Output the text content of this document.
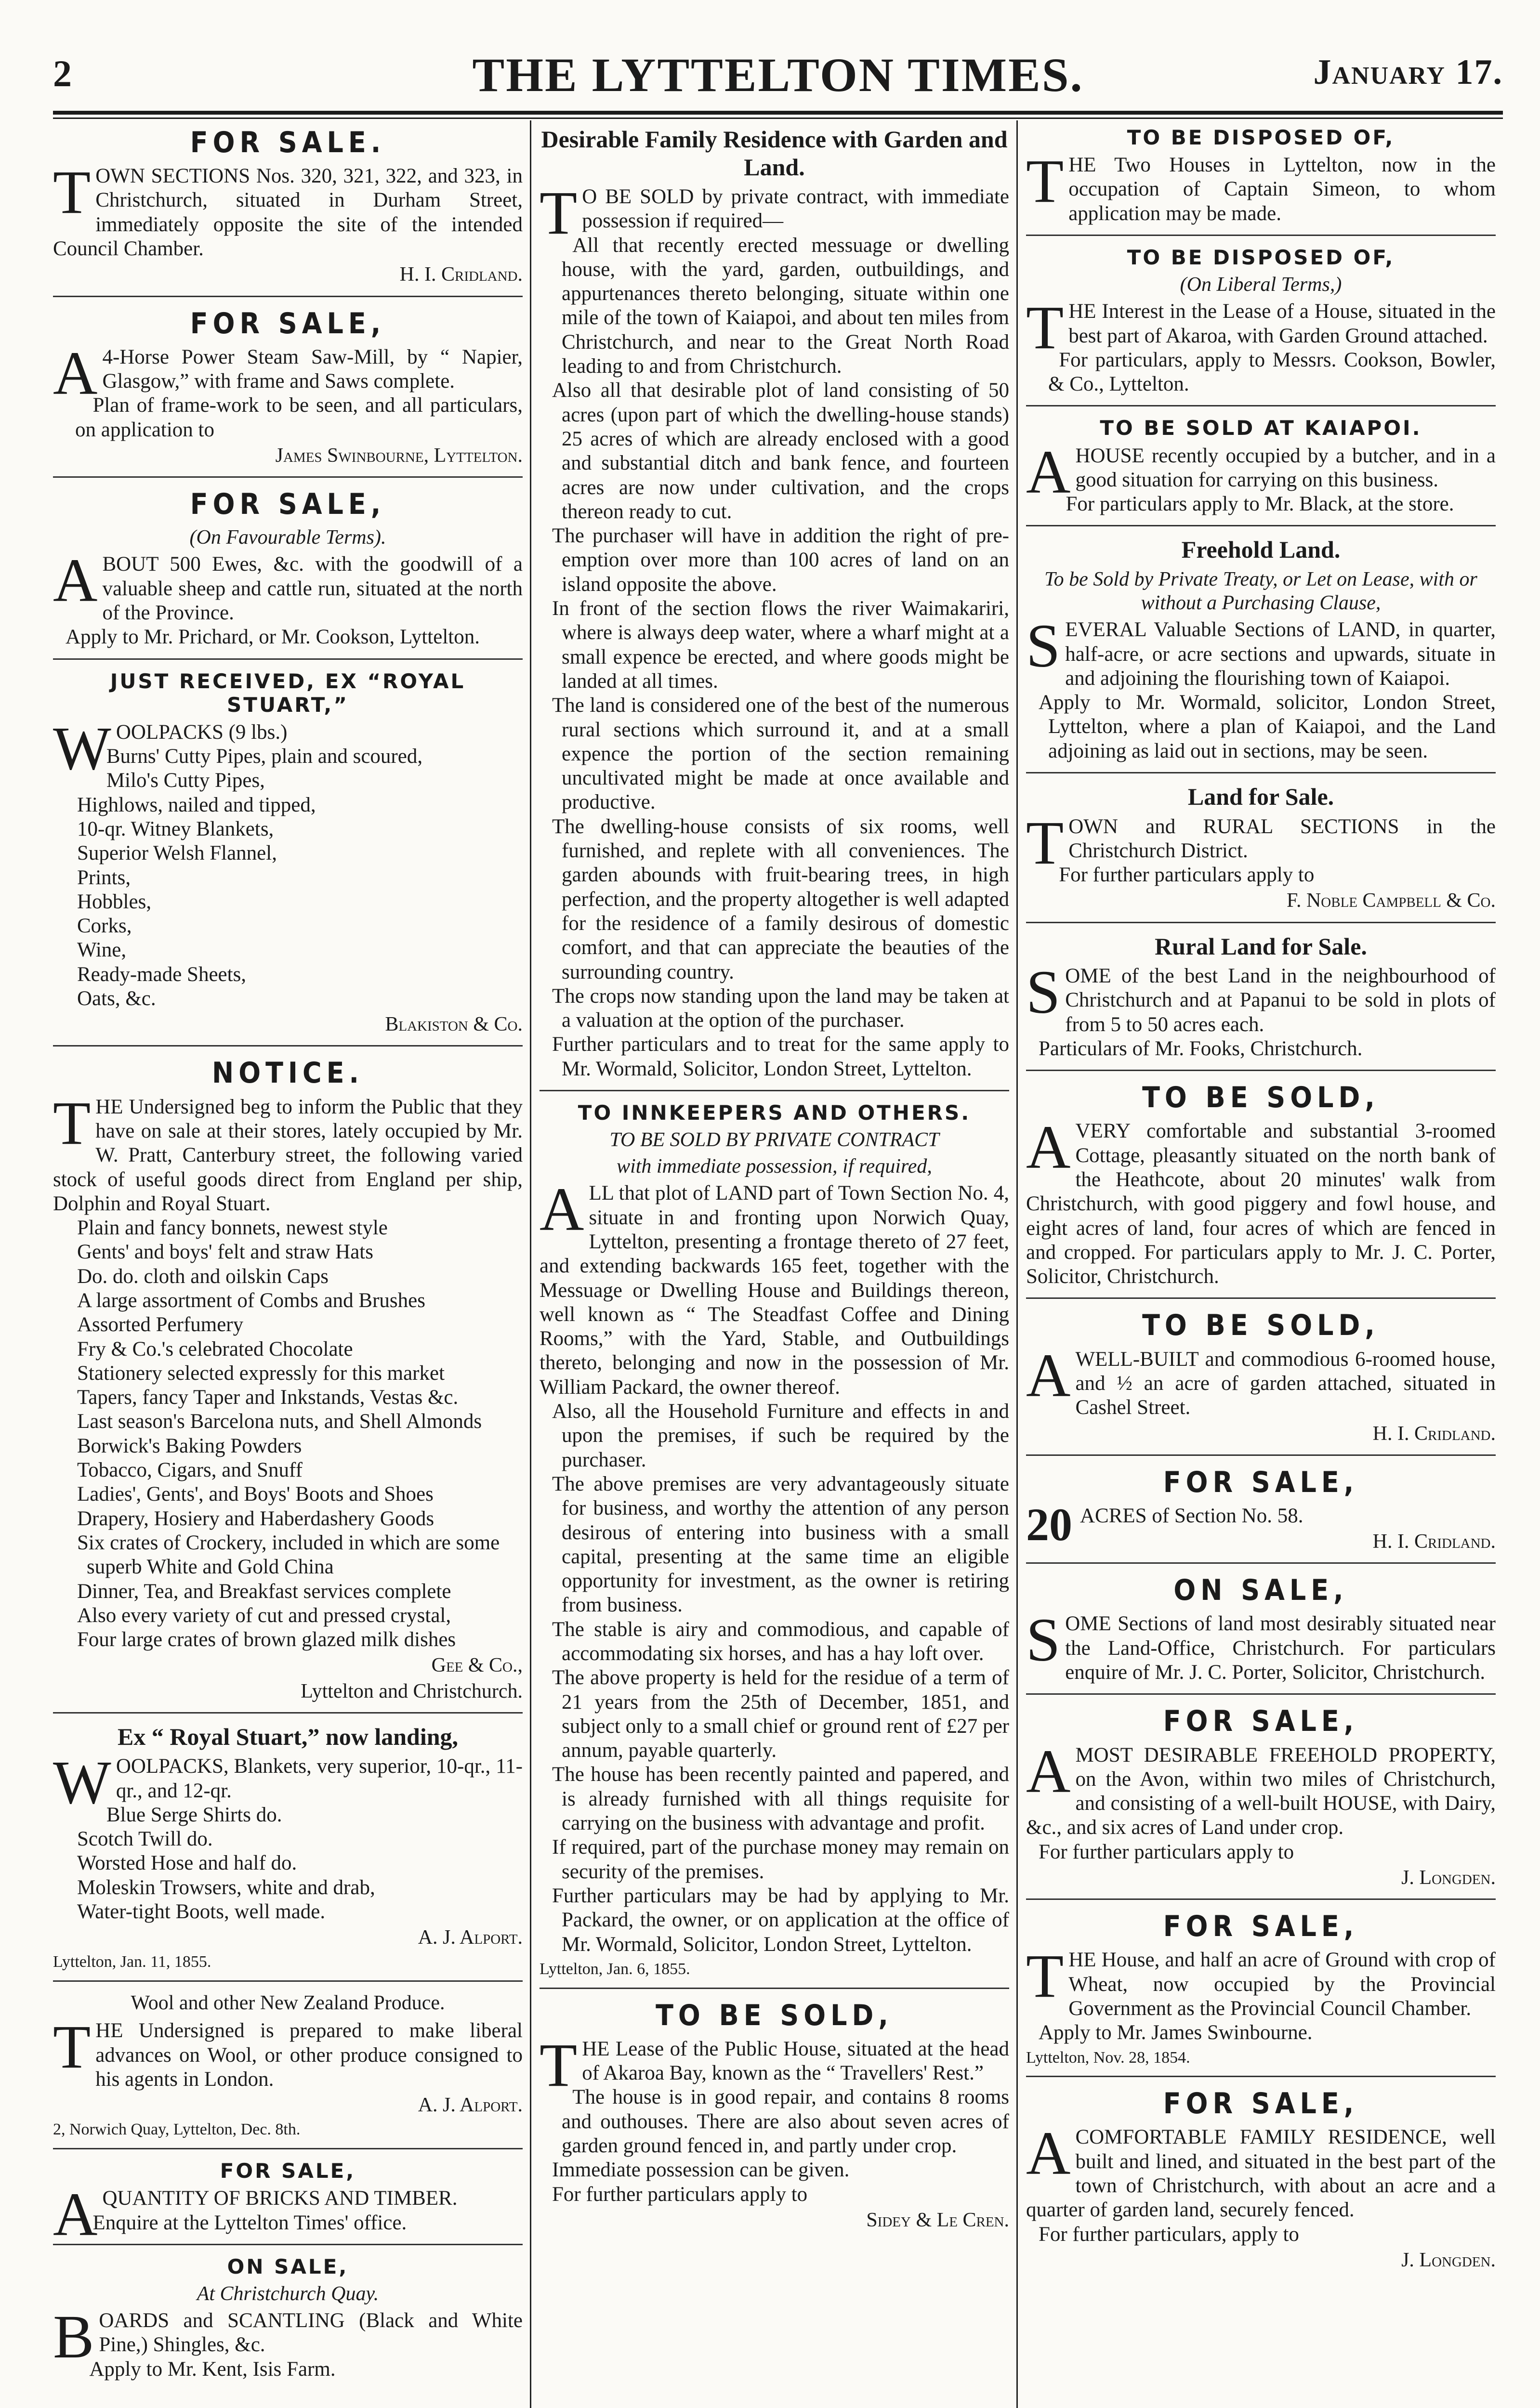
2	THE LYTTELTON TIMES.	January 17.
FOR SALE.

TOWN SECTIONS Nos. 320, 321, 322, and 323, in Christchurch, situated in Durham Street, immediately opposite the site of the intended Council Chamber.

H. I. Cridland.
FOR SALE,

A4-Horse Power Steam Saw-Mill, by “ Napier, Glasgow,” with frame and Saws complete.

Plan of frame-work to be seen, and all particulars, on application to

James Swinbourne, Lyttelton.
FOR SALE,
(On Favourable Terms).

ABOUT 500 Ewes, &c. with the goodwill of a valuable sheep and cattle run, situated at the north of the Province.

Apply to Mr. Prichard, or Mr. Cookson, Lyttelton.

JUST RECEIVED, EX “ROYAL STUART,”

WOOLPACKS (9 lbs.)

Burns' Cutty Pipes, plain and scoured,
Milo's Cutty Pipes,
Highlows, nailed and tipped,
10-qr. Witney Blankets,
Superior Welsh Flannel,
Prints,
Hobbles,
Corks,
Wine,
Ready-made Sheets,
Oats, &c.
Blakiston & Co.
NOTICE.

THE Undersigned beg to inform the Public that they have on sale at their stores, lately occupied by Mr. W. Pratt, Canterbury street, the following varied stock of useful goods direct from England per ship, Dolphin and Royal Stuart.

Plain and fancy bonnets, newest style
Gents' and boys' felt and straw Hats
Do. do. cloth and oilskin Caps
A large assortment of Combs and Brushes
Assorted Perfumery
Fry & Co.'s celebrated Chocolate
Stationery selected expressly for this market
Tapers, fancy Taper and Inkstands, Vestas &c.
Last season's Barcelona nuts, and Shell Almonds
Borwick's Baking Powders
Tobacco, Cigars, and Snuff
Ladies', Gents', and Boys' Boots and Shoes
Drapery, Hosiery and Haberdashery Goods
Six crates of Crockery, included in which are some superb White and Gold China
Dinner, Tea, and Breakfast services complete
Also every variety of cut and pressed crystal,
Four large crates of brown glazed milk dishes
Gee & Co.,
Lyttelton and Christchurch.
Ex “ Royal Stuart,” now landing,

WOOLPACKS, Blankets, very superior, 10-qr., 11-qr., and 12-qr.

Blue Serge Shirts do.
Scotch Twill do.
Worsted Hose and half do.
Moleskin Trowsers, white and drab,
Water-tight Boots, well made.
A. J. Alport.
Lyttelton, Jan. 11, 1855.
Wool and other New Zealand Produce.

THE Undersigned is prepared to make liberal advances on Wool, or other produce consigned to his agents in London.

A. J. Alport.
2, Norwich Quay, Lyttelton, Dec. 8th.
FOR SALE,

AQUANTITY OF BRICKS AND TIMBER.

Enquire at the Lyttelton Times' office.

ON SALE,
At Christchurch Quay.

BOARDS and SCANTLING (Black and White Pine,) Shingles, &c.

Apply to Mr. Kent, Isis Farm.

Desirable Family Residence with Garden and Land.

TO BE SOLD by private contract, with immediate possession if required—

All that recently erected messuage or dwelling house, with the yard, garden, outbuildings, and appurtenances thereto belonging, situate within one mile of the town of Kaiapoi, and about ten miles from Christchurch, and near to the Great North Road leading to and from Christchurch.

Also all that desirable plot of land consisting of 50 acres (upon part of which the dwelling-house stands) 25 acres of which are already enclosed with a good and substantial ditch and bank fence, and fourteen acres are now under cultivation, and the crops thereon ready to cut.

The purchaser will have in addition the right of pre-emption over more than 100 acres of land on an island opposite the above.

In front of the section flows the river Waimakariri, where is always deep water, where a wharf might at a small expence be erected, and where goods might be landed at all times.

The land is considered one of the best of the numerous rural sections which surround it, and at a small expence the portion of the section remaining uncultivated might be made at once available and productive.

The dwelling-house consists of six rooms, well furnished, and replete with all conveniences. The garden abounds with fruit-bearing trees, in high perfection, and the property altogether is well adapted for the residence of a family desirous of domestic comfort, and that can appreciate the beauties of the surrounding country.

The crops now standing upon the land may be taken at a valuation at the option of the purchaser.

Further particulars and to treat for the same apply to Mr. Wormald, Solicitor, London Street, Lyttelton.

TO INNKEEPERS AND OTHERS.
TO BE SOLD BY PRIVATE CONTRACT
with immediate possession, if required,

ALL that plot of LAND part of Town Section No. 4, situate in and fronting upon Norwich Quay, Lyttelton, presenting a frontage thereto of 27 feet, and extending backwards 165 feet, together with the Messuage or Dwelling House and Buildings thereon, well known as “ The Steadfast Coffee and Dining Rooms,” with the Yard, Stable, and Outbuildings thereto, belonging and now in the possession of Mr. William Packard, the owner thereof.

Also, all the Household Furniture and effects in and upon the premises, if such be required by the purchaser.

The above premises are very advantageously situate for business, and worthy the attention of any person desirous of entering into business with a small capital, presenting at the same time an eligible opportunity for investment, as the owner is retiring from business.

The stable is airy and commodious, and capable of accommodating six horses, and has a hay loft over.

The above property is held for the residue of a term of 21 years from the 25th of December, 1851, and subject only to a small chief or ground rent of £27 per annum, payable quarterly.

The house has been recently painted and papered, and is already furnished with all things requisite for carrying on the business with advantage and profit.

If required, part of the purchase money may remain on security of the premises.

Further particulars may be had by applying to Mr. Packard, the owner, or on application at the office of Mr. Wormald, Solicitor, London Street, Lyttelton.

Lyttelton, Jan. 6, 1855.
TO BE SOLD,

THE Lease of the Public House, situated at the head of Akaroa Bay, known as the “ Travellers' Rest.”

The house is in good repair, and contains 8 rooms and outhouses. There are also about seven acres of garden ground fenced in, and partly under crop.

Immediate possession can be given.

For further particulars apply to

Sidey & Le Cren.
TO BE DISPOSED OF,

THE Two Houses in Lyttelton, now in the occupation of Captain Simeon, to whom application may be made.

TO BE DISPOSED OF,
(On Liberal Terms,)

THE Interest in the Lease of a House, situated in the best part of Akaroa, with Garden Ground attached.

For particulars, apply to Messrs. Cookson, Bowler, & Co., Lyttelton.

TO BE SOLD AT KAIAPOI.

AHOUSE recently occupied by a butcher, and in a good situation for carrying on this business.

For particulars apply to Mr. Black, at the store.

Freehold Land.
To be Sold by Private Treaty, or Let on Lease, with or without a Purchasing Clause,

SEVERAL Valuable Sections of LAND, in quarter, half-acre, or acre sections and upwards, situate in and adjoining the flourishing town of Kaiapoi.

Apply to Mr. Wormald, solicitor, London Street, Lyttelton, where a plan of Kaiapoi, and the Land adjoining as laid out in sections, may be seen.

Land for Sale.

TOWN and RURAL SECTIONS in the Christchurch District.

For further particulars apply to

F. Noble Campbell & Co.
Rural Land for Sale.

SOME of the best Land in the neighbourhood of Christchurch and at Papanui to be sold in plots of from 5 to 50 acres each.

Particulars of Mr. Fooks, Christchurch.

TO BE SOLD,

AVERY comfortable and substantial 3-roomed Cottage, pleasantly situated on the north bank of the Heathcote, about 20 minutes' walk from Christchurch, with good piggery and fowl house, and eight acres of land, four acres of which are fenced in and cropped. For particulars apply to Mr. J. C. Porter, Solicitor, Christchurch.

TO BE SOLD,

AWELL-BUILT and commodious 6-roomed house, and ½ an acre of garden attached, situated in Cashel Street.

H. I. Cridland.
FOR SALE,
20 ACRES of Section No. 58.

H. I. Cridland.
ON SALE,

SOME Sections of land most desirably situated near the Land-Office, Christchurch. For particulars enquire of Mr. J. C. Porter, Solicitor, Christchurch.

FOR SALE,

AMOST DESIRABLE FREEHOLD PROPERTY, on the Avon, within two miles of Christchurch, and consisting of a well-built HOUSE, with Dairy, &c., and six acres of Land under crop.

For further particulars apply to

J. Longden.
FOR SALE,

THE House, and half an acre of Ground with crop of Wheat, now occupied by the Provincial Government as the Provincial Council Chamber.

Apply to Mr. James Swinbourne.

Lyttelton, Nov. 28, 1854.
FOR SALE,

ACOMFORTABLE FAMILY RESIDENCE, well built and lined, and situated in the best part of the town of Christchurch, with about an acre and a quarter of garden land, securely fenced.

For further particulars, apply to

J. Longden.
